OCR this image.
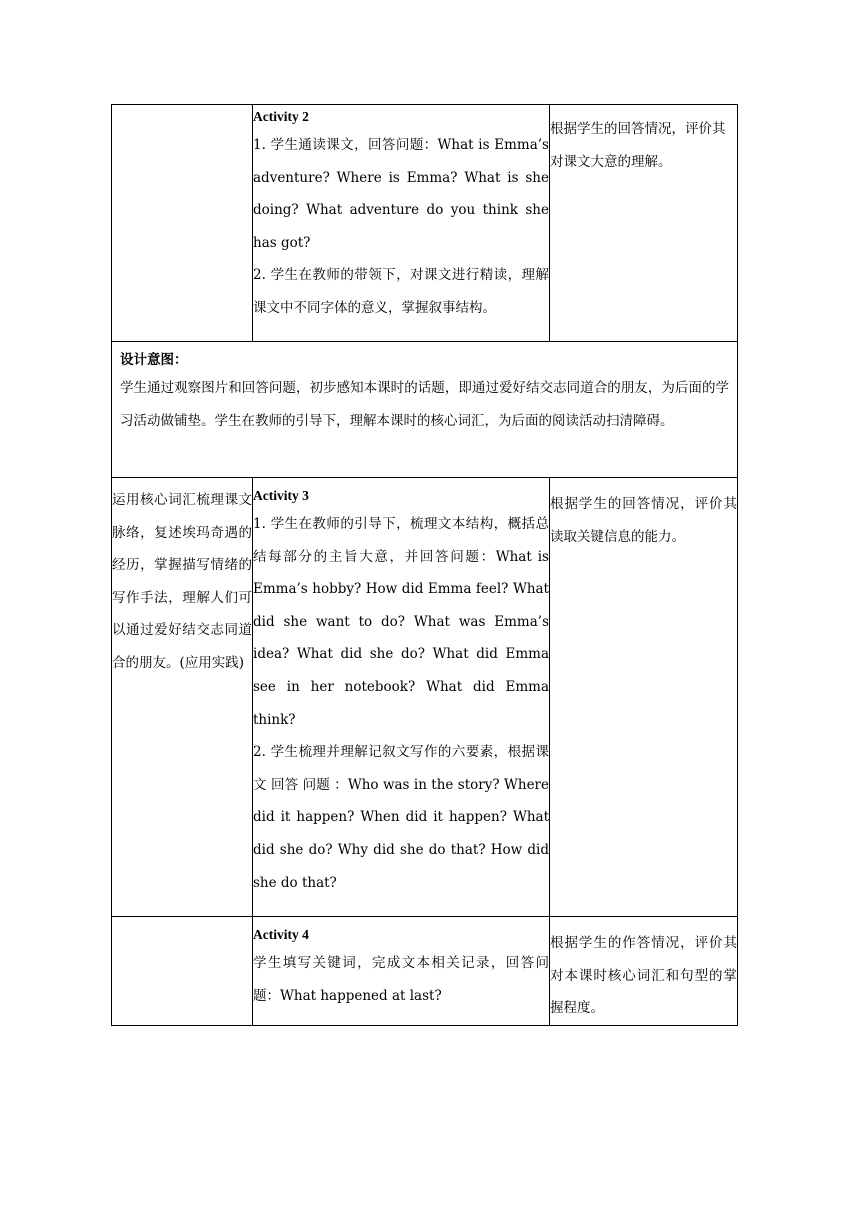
	Activity 2

1. 学生通读课文，回答问题：What is Emma’s adventure? Where is Emma? What is she doing? What adventure do you think she has got?

2. 学生在教师的带领下，对课文进行精读，理解课文中不同字体的意义，掌握叙事结构。	根据学生的回答情况，评价其对课文大意的理解。

设计意图：

学生通过观察图片和回答问题，初步感知本课时的话题，即通过爱好结交志同道合的朋友，为后面的学习活动做铺垫。学生在教师的引导下，理解本课时的核心词汇，为后面的阅读活动扫清障碍。		

运用核心词汇梳理课文脉络，复述埃玛奇遇的经历，掌握描写情绪的写作手法，理解人们可以通过爱好结交志同道合的朋友。(应用实践)	Activity 3

1. 学生在教师的引导下，梳理文本结构，概括总结每部分的主旨大意，并回答问题：What is Emma’s hobby? How did Emma feel? What did she want to do? What was Emma’s idea? What did she do? What did Emma see in her notebook? What did Emma think?

2. 学生梳理并理解记叙文写作的六要素，根据课 文 回答 问题 ：Who was in the story? Where did it happen? When did it happen? What did she do? Why did she do that? How did she do that?	根据学生的回答情况，评价其读取关键信息的能力。

	Activity 4

学生填写关键词，完成文本相关记录，回答问题：What happened at last?	根据学生的作答情况，评价其对本课时核心词汇和句型的掌握程度。
